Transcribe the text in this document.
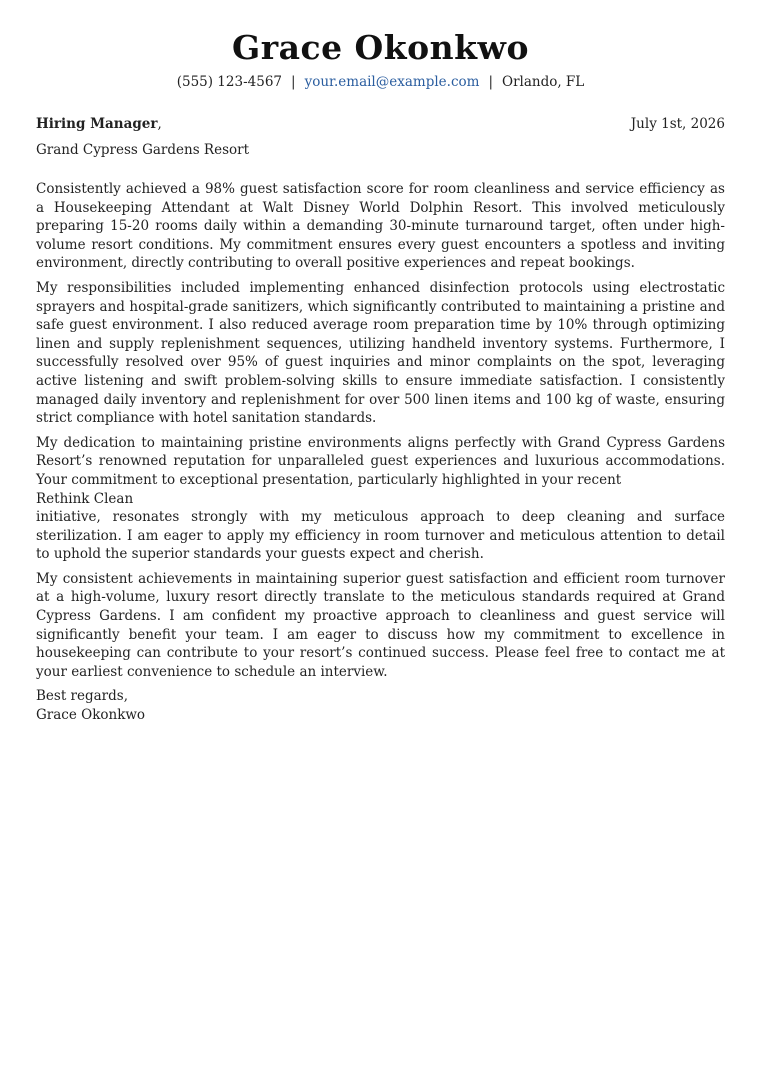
Grace Okonkwo
(555) 123-4567 | your.email@example.com | Orlando, FL
Hiring Manager,	July 1st, 2026
Grand Cypress Gardens Resort

Consistently achieved a 98% guest satisfaction score for room cleanliness and service efficiency as a Housekeeping Attendant at Walt Disney World Dolphin Resort. This involved meticulously preparing 15-20 rooms daily within a demanding 30-minute turnaround target, often under high-volume resort conditions. My commitment ensures every guest encounters a spotless and inviting environment, directly contributing to overall positive experiences and repeat bookings.

My responsibilities included implementing enhanced disinfection protocols using electrostatic sprayers and hospital-grade sanitizers, which significantly contributed to maintaining a pristine and safe guest environment. I also reduced average room preparation time by 10% through optimizing linen and supply replenishment sequences, utilizing handheld inventory systems. Furthermore, I successfully resolved over 95% of guest inquiries and minor complaints on the spot, leveraging active listening and swift problem-solving skills to ensure immediate satisfaction. I consistently managed daily inventory and replenishment for over 500 linen items and 100 kg of waste, ensuring strict compliance with hotel sanitation standards.

My dedication to maintaining pristine environments aligns perfectly with Grand Cypress Gardens Resort’s renowned reputation for unparalleled guest experiences and luxurious accommodations. Your commitment to exceptional presentation, particularly highlighted in your recent
Rethink Clean
initiative, resonates strongly with my meticulous approach to deep cleaning and surface sterilization. I am eager to apply my efficiency in room turnover and meticulous attention to detail to uphold the superior standards your guests expect and cherish.

My consistent achievements in maintaining superior guest satisfaction and efficient room turnover at a high-volume, luxury resort directly translate to the meticulous standards required at Grand Cypress Gardens. I am confident my proactive approach to cleanliness and guest service will significantly benefit your team. I am eager to discuss how my commitment to excellence in housekeeping can contribute to your resort’s continued success. Please feel free to contact me at your earliest convenience to schedule an interview.

Best regards,
Grace Okonkwo
